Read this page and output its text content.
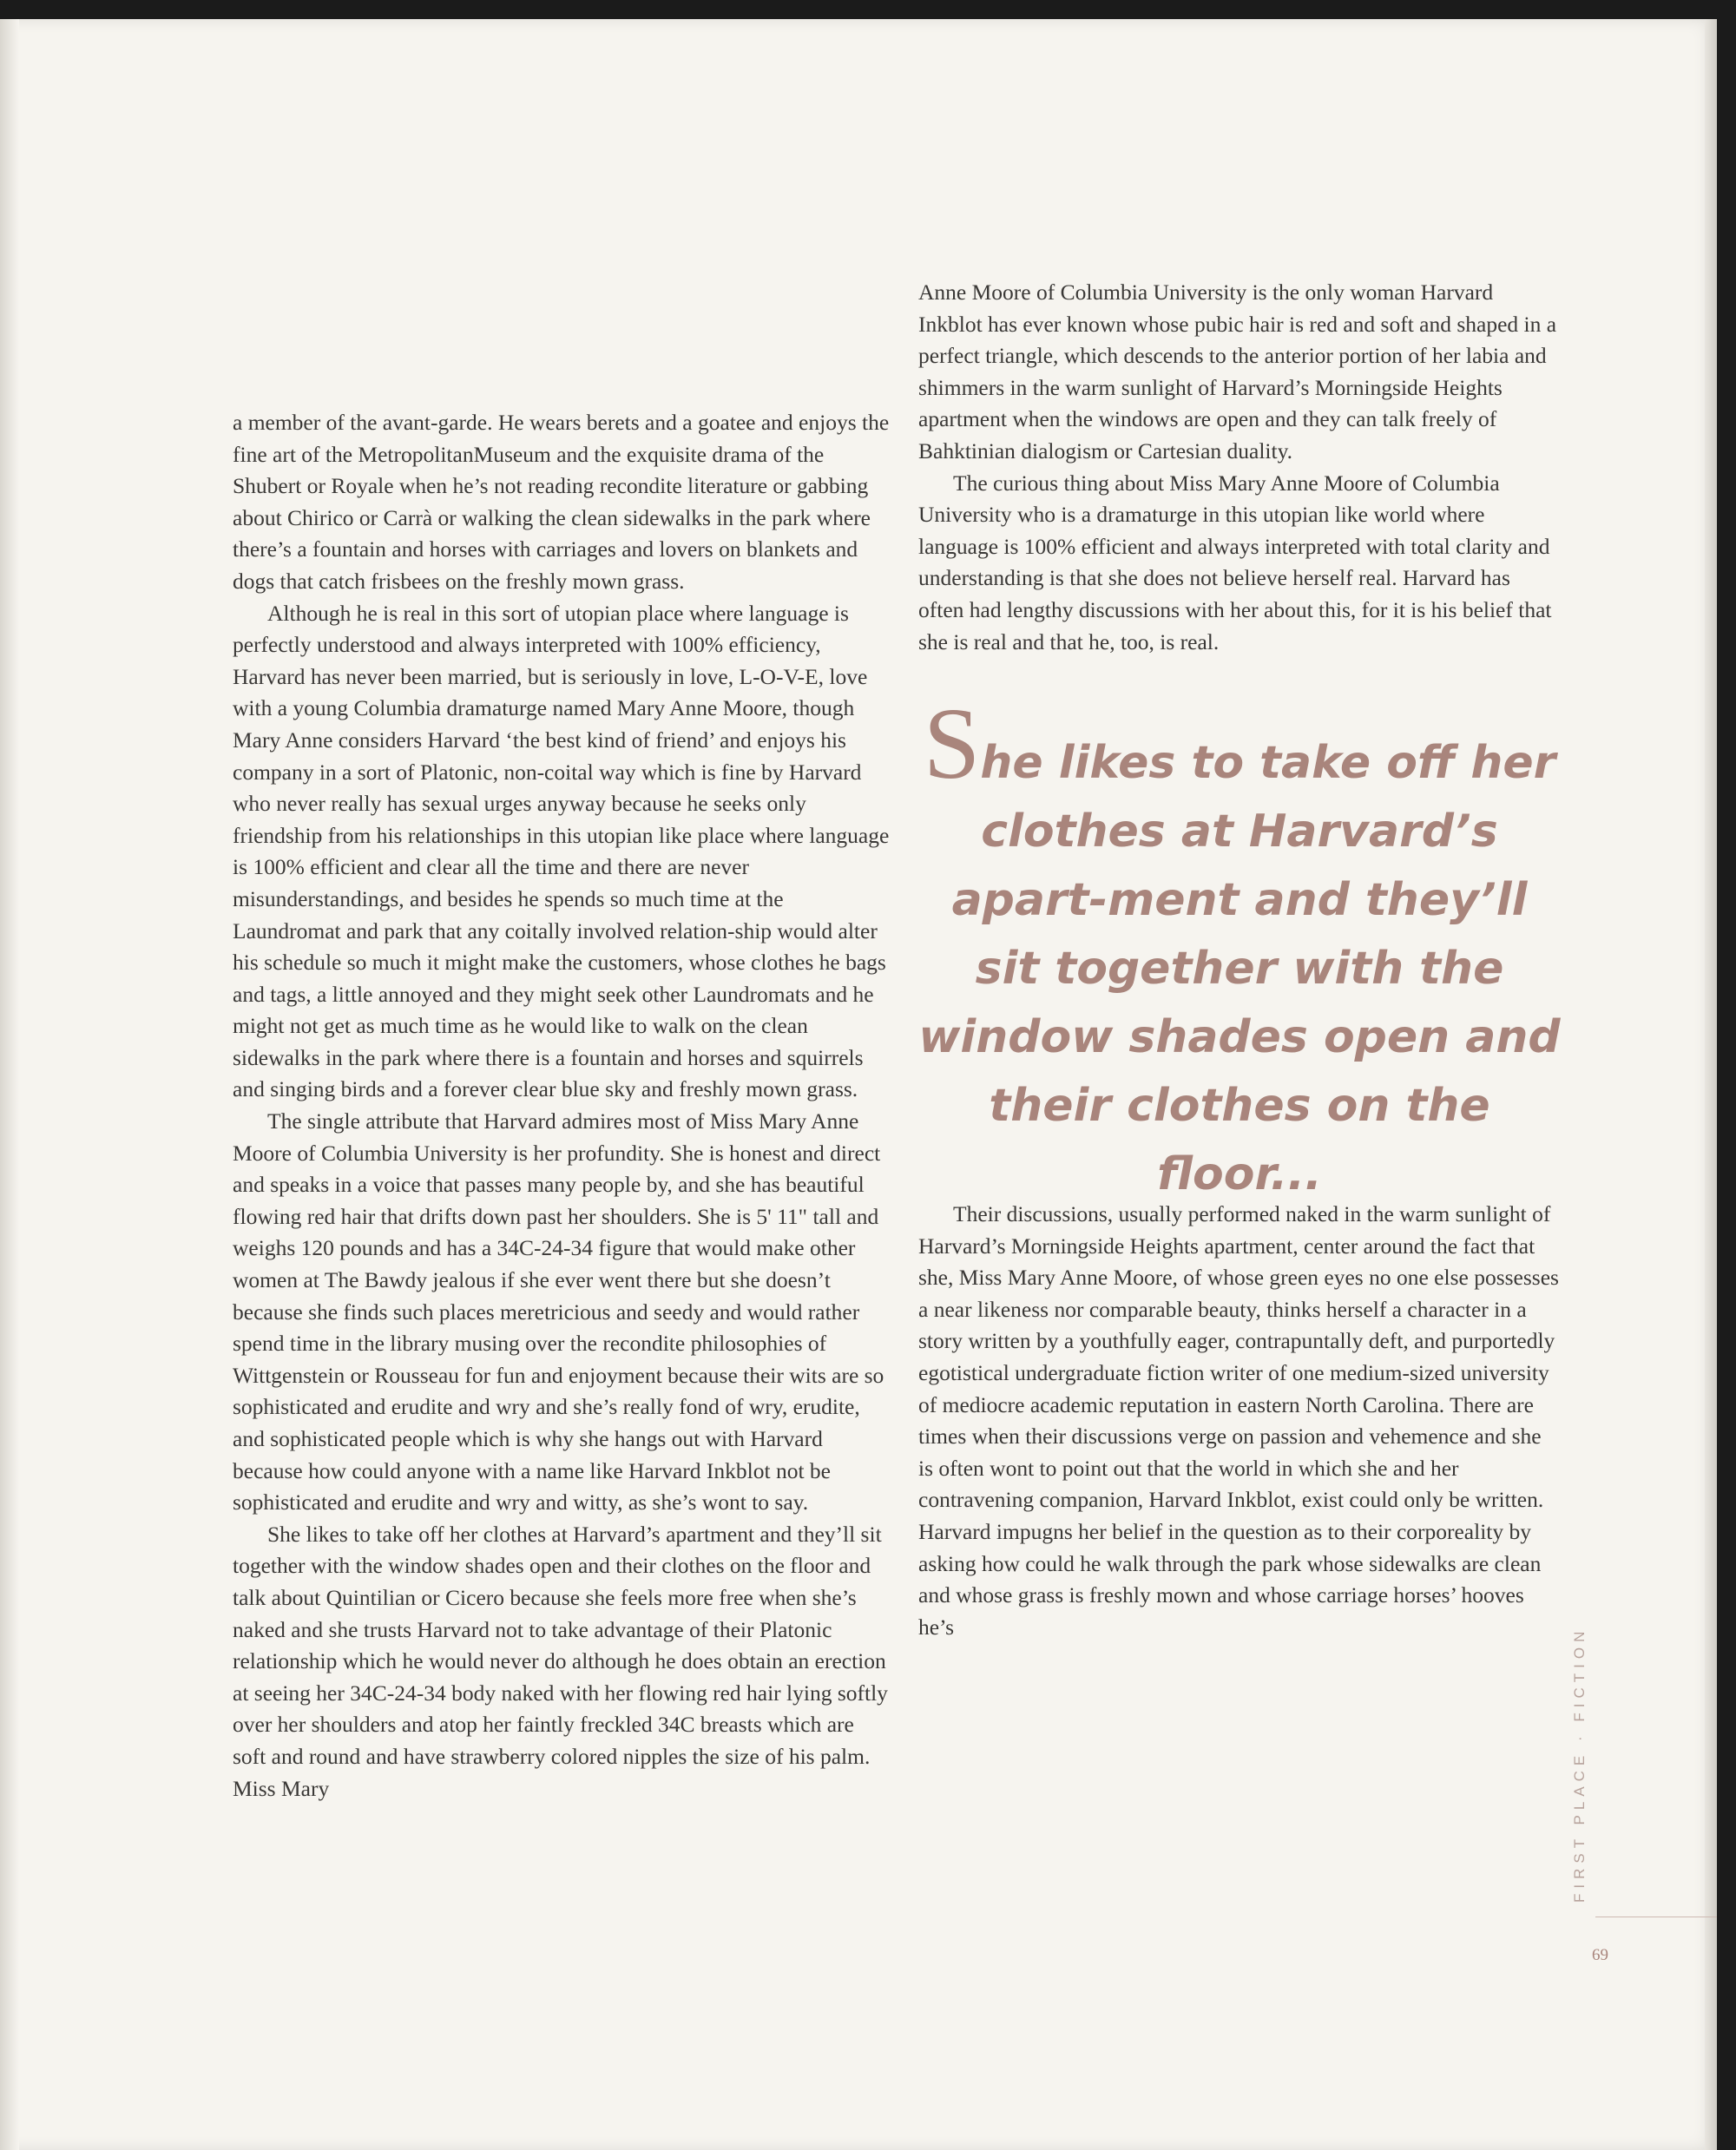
a member of the avant-garde. He wears berets and a goatee and enjoys the fine art of the MetropolitanMuseum and the exquisite drama of the Shubert or Royale when he’s not reading recondite literature or gabbing about Chirico or Carrà or walking the clean sidewalks in the park where there’s a fountain and horses with carriages and lovers on blankets and dogs that catch frisbees on the freshly mown grass.

Although he is real in this sort of utopian place where language is perfectly understood and always interpreted with 100% efficiency, Harvard has never been married, but is seriously in love, L-O-V-E, love with a young Columbia dramaturge named Mary Anne Moore, though Mary Anne considers Harvard ‘the best kind of friend’ and enjoys his company in a sort of Platonic, non-coital way which is fine by Harvard who never really has sexual urges anyway because he seeks only friendship from his relationships in this utopian like place where language is 100% efficient and clear all the time and there are never misunderstandings, and besides he spends so much time at the Laundromat and park that any coitally involved relation-ship would alter his schedule so much it might make the customers, whose clothes he bags and tags, a little annoyed and they might seek other Laundromats and he might not get as much time as he would like to walk on the clean sidewalks in the park where there is a fountain and horses and squirrels and singing birds and a forever clear blue sky and freshly mown grass.

The single attribute that Harvard admires most of Miss Mary Anne Moore of Columbia University is her profundity. She is honest and direct and speaks in a voice that passes many people by, and she has beautiful flowing red hair that drifts down past her shoulders. She is 5' 11" tall and weighs 120 pounds and has a 34C-24-34 figure that would make other women at The Bawdy jealous if she ever went there but she doesn’t because she finds such places meretricious and seedy and would rather spend time in the library musing over the recondite philosophies of Wittgenstein or Rousseau for fun and enjoyment because their wits are so sophisticated and erudite and wry and she’s really fond of wry, erudite, and sophisticated people which is why she hangs out with Harvard because how could anyone with a name like Harvard Inkblot not be sophisticated and erudite and wry and witty, as she’s wont to say.

She likes to take off her clothes at Harvard’s apartment and they’ll sit together with the window shades open and their clothes on the floor and talk about Quintilian or Cicero because she feels more free when she’s naked and she trusts Harvard not to take advantage of their Platonic relationship which he would never do although he does obtain an erection at seeing her 34C-24-34 body naked with her flowing red hair lying softly over her shoulders and atop her faintly freckled 34C breasts which are soft and round and have strawberry colored nipples the size of his palm. Miss Mary

Anne Moore of Columbia University is the only woman Harvard Inkblot has ever known whose pubic hair is red and soft and shaped in a perfect triangle, which descends to the anterior portion of her labia and shimmers in the warm sunlight of Harvard’s Morningside Heights apartment when the windows are open and they can talk freely of Bahktinian dialogism or Cartesian duality.

The curious thing about Miss Mary Anne Moore of Columbia University who is a dramaturge in this utopian like world where language is 100% efficient and always interpreted with total clarity and understanding is that she does not believe herself real. Harvard has often had lengthy discussions with her about this, for it is his belief that she is real and that he, too, is real.

She likes to take off her clothes at Harvard’s apart-ment and they’ll sit together with the window shades open and their clothes on the floor...

Their discussions, usually performed naked in the warm sunlight of Harvard’s Morningside Heights apartment, center around the fact that she, Miss Mary Anne Moore, of whose green eyes no one else possesses a near likeness nor comparable beauty, thinks herself a character in a story written by a youthfully eager, contrapuntally deft, and purportedly egotistical undergraduate fiction writer of one medium-sized university of mediocre academic reputation in eastern North Carolina. There are times when their discussions verge on passion and vehemence and she is often wont to point out that the world in which she and her contravening companion, Harvard Inkblot, exist could only be written. Harvard impugns her belief in the question as to their corporeality by asking how could he walk through the park whose sidewalks are clean and whose grass is freshly mown and whose carriage horses’ hooves he’s	FIRST PLACE · FICTION
69
